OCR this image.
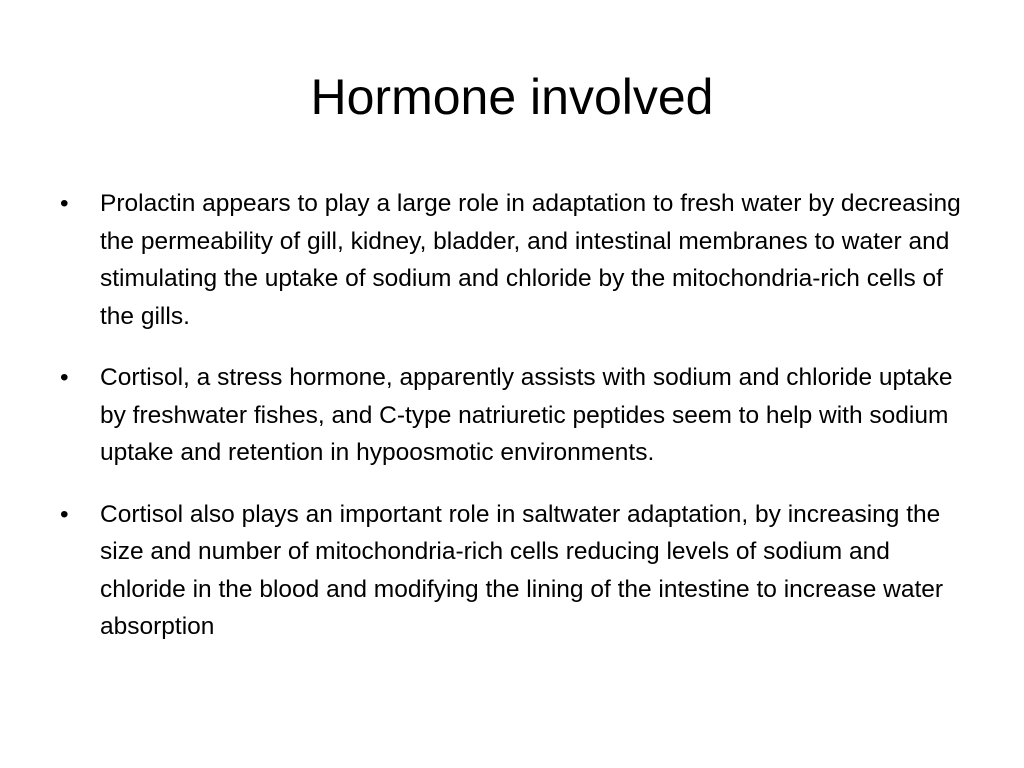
Hormone involved
•	Prolactin appears to play a large role in adaptation to fresh water by decreasing the permeability of gill, kidney, bladder, and intestinal membranes to water and stimulating the uptake of sodium and chloride by the mitochondria-rich cells of the gills.
•	Cortisol, a stress hormone, apparently assists with sodium and chloride uptake by freshwater fishes, and C-type natriuretic peptides seem to help with sodium uptake and retention in hypoosmotic environments.
•	Cortisol also plays an important role in saltwater adaptation, by increasing the size and number of mitochondria-rich cells reducing levels of sodium and chloride in the blood and modifying the lining of the intestine to increase water absorption
